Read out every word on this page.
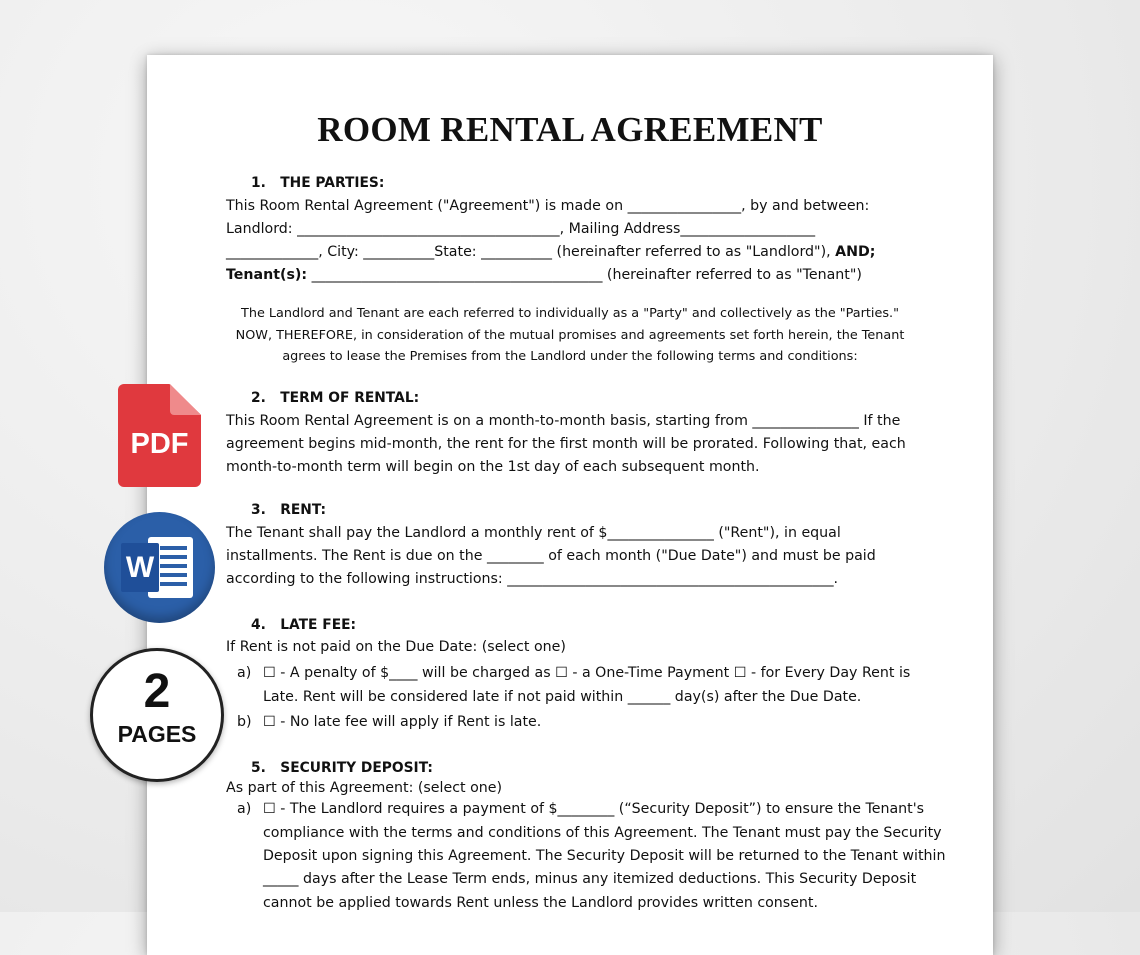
ROOM RENTAL AGREEMENT
1.   THE PARTIES:
This Room Rental Agreement ("Agreement") is made on ________________, by and between:
Landlord: _____________________________________, Mailing Address___________________
_____________, City: __________State: __________ (hereinafter referred to as "Landlord"), AND;
Tenant(s): _________________________________________ (hereinafter referred to as "Tenant")
The Landlord and Tenant are each referred to individually as a "Party" and collectively as the "Parties."
NOW, THEREFORE, in consideration of the mutual promises and agreements set forth herein, the Tenant
agrees to lease the Premises from the Landlord under the following terms and conditions:
2.   TERM OF RENTAL:
This Room Rental Agreement is on a month-to-month basis, starting from _______________ If the
agreement begins mid-month, the rent for the first month will be prorated. Following that, each
month-to-month term will begin on the 1st day of each subsequent month.
3.   RENT:
The Tenant shall pay the Landlord a monthly rent of $_______________ ("Rent"), in equal
installments. The Rent is due on the ________ of each month ("Due Date") and must be paid
according to the following instructions: ______________________________________________.
4.   LATE FEE:
If Rent is not paid on the Due Date: (select one)
a) ☐ - A penalty of $____ will be charged as ☐ - a One-Time Payment ☐ - for Every Day Rent is
Late. Rent will be considered late if not paid within ______ day(s) after the Due Date.
b) ☐ - No late fee will apply if Rent is late.
5.   SECURITY DEPOSIT:
As part of this Agreement: (select one)
a) ☐ - The Landlord requires a payment of $________ (“Security Deposit”) to ensure the Tenant's
compliance with the terms and conditions of this Agreement. The Tenant must pay the Security
Deposit upon signing this Agreement. The Security Deposit will be returned to the Tenant within
_____ days after the Lease Term ends, minus any itemized deductions. This Security Deposit
cannot be applied towards Rent unless the Landlord provides written consent.
PDF
W
2
PAGES
